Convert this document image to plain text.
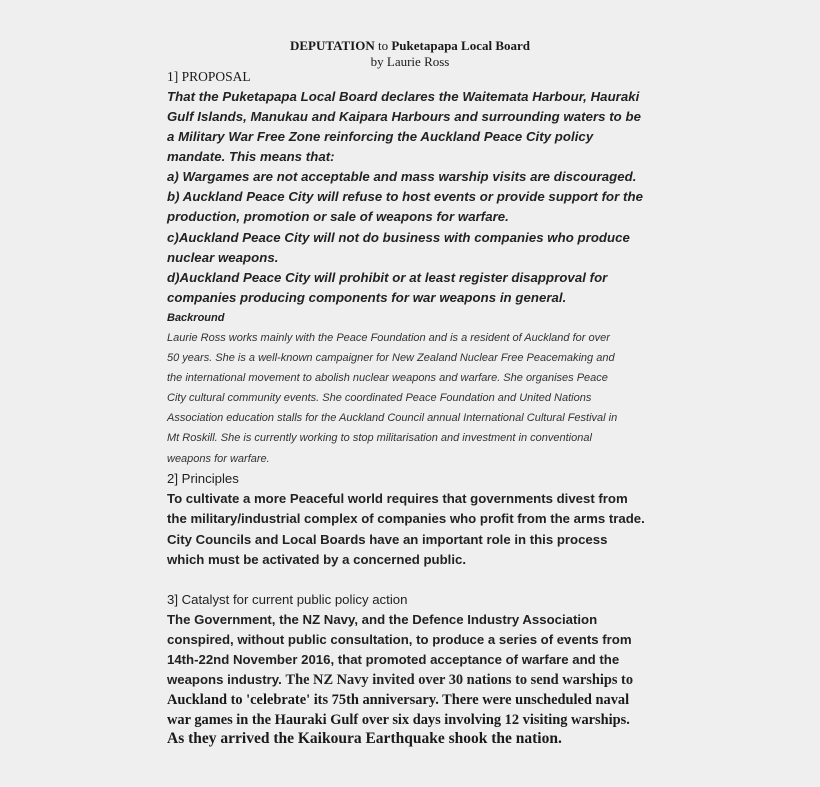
DEPUTATION to Puketapapa Local Board
by Laurie Ross
1] PROPOSAL
That the Puketapapa Local Board declares the Waitemata Harbour, Hauraki
Gulf Islands, Manukau and Kaipara Harbours and surrounding waters to be
a Military War Free Zone reinforcing the Auckland Peace City policy
mandate. This means that:
a) Wargames are not acceptable and mass warship visits are discouraged.
b) Auckland Peace City will refuse to host events or provide support for the
production, promotion or sale of weapons for warfare.
c)Auckland Peace City will not do business with companies who produce
nuclear weapons.
d)Auckland Peace City will prohibit or at least register disapproval for
companies producing components for war weapons in general.
Backround
Laurie Ross works mainly with the Peace Foundation and is a resident of Auckland for over
50 years. She is a well-known campaigner for New Zealand Nuclear Free Peacemaking and
the international movement to abolish nuclear weapons and warfare. She organises Peace
City cultural community events. She coordinated Peace Foundation and United Nations
Association education stalls for the Auckland Council annual International Cultural Festival in
Mt Roskill. She is currently working to stop militarisation and investment in conventional
weapons for warfare.
2] Principles
To cultivate a more Peaceful world requires that governments divest from
the military/industrial complex of companies who profit from the arms trade.
City Councils and Local Boards have an important role in this process
which must be activated by a concerned public.
3] Catalyst for current public policy action
The Government, the NZ Navy, and the Defence Industry Association
conspired, without public consultation, to produce a series of events from
14th-22nd November 2016, that promoted acceptance of warfare and the
weapons industry. The NZ Navy invited over 30 nations to send warships to
Auckland to 'celebrate' its 75th anniversary. There were unscheduled naval
war games in the Hauraki Gulf over six days involving 12 visiting warships.
As they arrived the Kaikoura Earthquake shook the nation.
